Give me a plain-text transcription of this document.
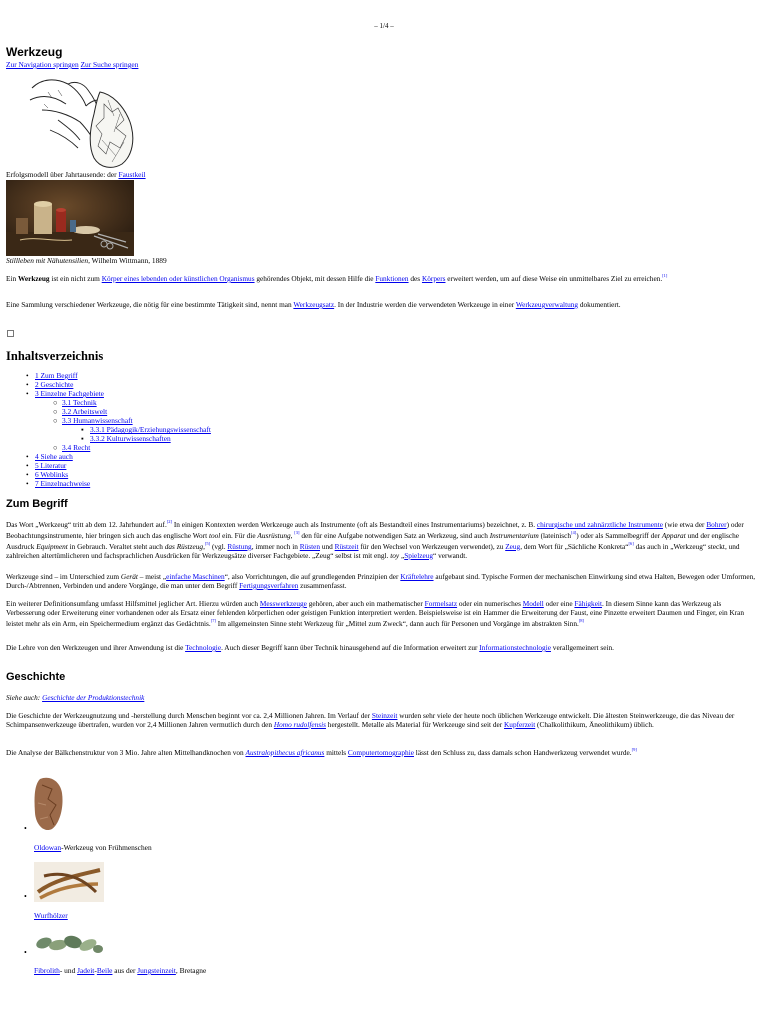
– 1/4 –
Werkzeug
Zur Navigation springen Zur Suche springen
Erfolgsmodell über Jahrtausende: der Faustkeil
Stillleben mit Nähutensilien, Wilhelm Wittmann, 1889

Ein Werkzeug ist ein nicht zum Körper eines lebenden oder künstlichen Organismus gehörendes Objekt, mit dessen Hilfe die Funktionen des Körpers erweitert werden, um auf diese Weise ein unmittelbares Ziel zu erreichen.[1]

Eine Sammlung verschiedener Werkzeuge, die nötig für eine bestimmte Tätigkeit sind, nennt man Werkzeugsatz. In der Industrie werden die verwendeten Werkzeuge in einer Werkzeugverwaltung dokumentiert.

Inhaltsverzeichnis
• 1 Zum Begriff
• 2 Geschichte
• 3 Einzelne Fachgebiete
○ 3.1 Technik
○ 3.2 Arbeitswelt
○ 3.3 Humanwissenschaft
▪ 3.3.1 Pädagogik/Erziehungswissenschaft
▪ 3.3.2 Kulturwissenschaften
○ 3.4 Recht
• 4 Siehe auch
• 5 Literatur
• 6 Weblinks
• 7 Einzelnachweise
Zum Begriff

Das Wort „Werkzeug“ tritt ab dem 12. Jahrhundert auf.[2] In einigen Kontexten werden Werkzeuge auch als Instrumente (oft als Bestandteil eines Instrumentariums) bezeichnet, z. B. chirurgische und zahnärztliche Instrumente (wie etwa der Bohrer) oder Beobachtungsinstrumente, hier bringen sich auch das englische Wort tool ein. Für die Ausrüstung, [3] den für eine Aufgabe notwendigen Satz an Werkzeug, sind auch Instrumentarium (lateinisch[4]) oder als Sammelbegriff der Apparat und der englische Ausdruck Equipment in Gebrauch. Veraltet steht auch das Rüstzeug,[5] (vgl. Rüstung, immer noch in Rüsten und Rüstzeit für den Wechsel von Werkzeugen verwendet), zu Zeug, dem Wort für „Sächliche Konkreta“[6] das auch in „Werkzeug“ steckt, und zahlreichen altertümlicheren und fachsprachlichen Ausdrücken für Werkzeugsätze diverser Fachgebiete. „Zeug“ selbst ist mit engl. toy „Spielzeug“ verwandt.

Werkzeuge sind – im Unterschied zum Gerät – meist „einfache Maschinen“, also Vorrichtungen, die auf grundlegenden Prinzipien der Kräftelehre aufgebaut sind. Typische Formen der mechanischen Einwirkung sind etwa Halten, Bewegen oder Umformen, Durch-/Abtrennen, Verbinden und andere Vorgänge, die man unter dem Begriff Fertigungsverfahren zusammenfasst.

Ein weiterer Definitionsumfang umfasst Hilfsmittel jeglicher Art. Hierzu würden auch Messwerkzeuge gehören, aber auch ein mathematischer Formelsatz oder ein numerisches Modell oder eine Fähigkeit. In diesem Sinne kann das Werkzeug als Verbesserung oder Erweiterung einer vorhandenen oder als Ersatz einer fehlenden körperlichen oder geistigen Funktion interpretiert werden. Beispielsweise ist ein Hammer die Erweiterung der Faust, eine Pinzette erweitert Daumen und Finger, ein Kran leistet mehr als ein Arm, ein Speichermedium ergänzt das Gedächtnis.[7] Im allgemeinsten Sinne steht Werkzeug für „Mittel zum Zweck“, dann auch für Personen und Vorgänge im abstrakten Sinn.[8]

Die Lehre von den Werkzeugen und ihrer Anwendung ist die Technologie. Auch dieser Begriff kann über Technik hinausgehend auf die Information erweitert zur Informationstechnologie verallgemeinert sein.

Geschichte

Siehe auch: Geschichte der Produktionstechnik

Die Geschichte der Werkzeugnutzung und -herstellung durch Menschen beginnt vor ca. 2,4 Millionen Jahren. Im Verlauf der Steinzeit wurden sehr viele der heute noch üblichen Werkzeuge entwickelt. Die ältesten Steinwerkzeuge, die das Niveau der Schimpansenwerkzeuge übertrafen, wurden vor 2,4 Millionen Jahren vermutlich durch den Homo rudolfensis hergestellt. Metalle als Material für Werkzeuge sind seit der Kupferzeit (Chalkolithikum, Äneolithikum) üblich.

Die Analyse der Bälkchenstruktur von 3 Mio. Jahre alten Mittelhandknochen von Australopithecus africanus mittels Computertomographie lässt den Schluss zu, dass damals schon Handwerkzeug verwendet wurde.[9]

•
Oldowan-Werkzeug von Frühmenschen
•
Wurfhölzer
•
Fibrolith- und Jadeit-Beile aus der Jungsteinzeit, Bretagne
